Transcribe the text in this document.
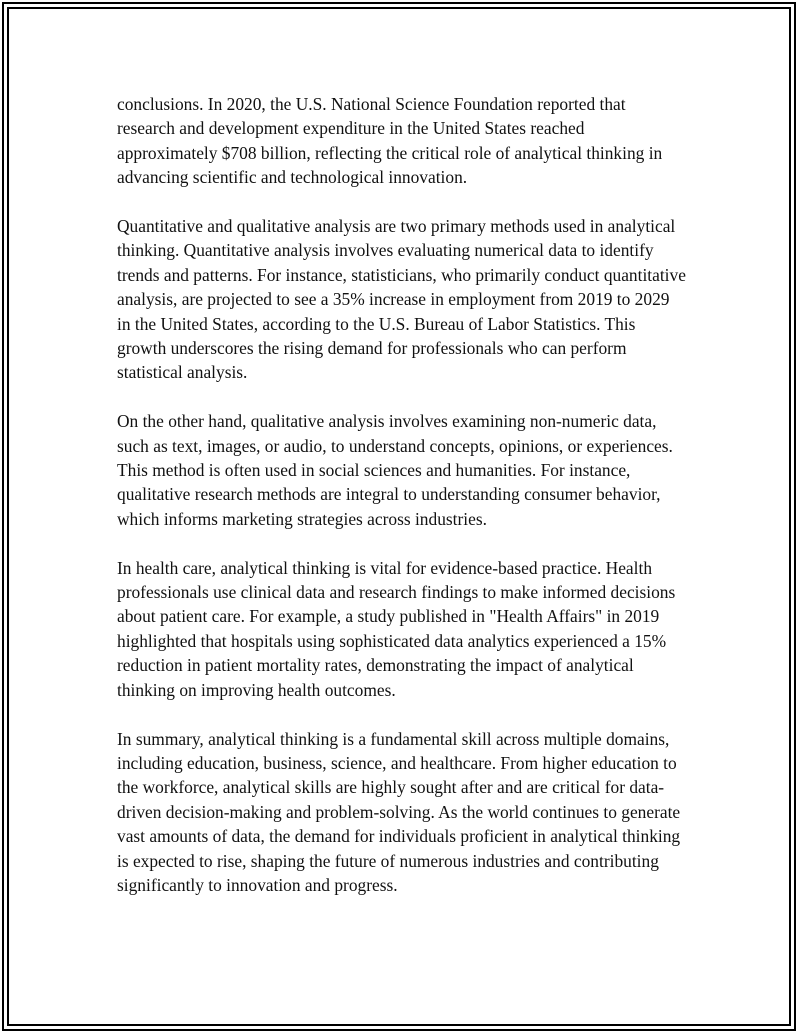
conclusions. In 2020, the U.S. National Science Foundation reported that research and development expenditure in the United States reached approximately $708 billion, reflecting the critical role of analytical thinking in advancing scientific and technological innovation.

Quantitative and qualitative analysis are two primary methods used in analytical thinking. Quantitative analysis involves evaluating numerical data to identify trends and patterns. For instance, statisticians, who primarily conduct quantitative analysis, are projected to see a 35% increase in employment from 2019 to 2029 in the United States, according to the U.S. Bureau of Labor Statistics. This growth underscores the rising demand for professionals who can perform statistical analysis.

On the other hand, qualitative analysis involves examining non-numeric data, such as text, images, or audio, to understand concepts, opinions, or experiences. This method is often used in social sciences and humanities. For instance, qualitative research methods are integral to understanding consumer behavior, which informs marketing strategies across industries.

In health care, analytical thinking is vital for evidence-based practice. Health professionals use clinical data and research findings to make informed decisions about patient care. For example, a study published in "Health Affairs" in 2019 highlighted that hospitals using sophisticated data analytics experienced a 15% reduction in patient mortality rates, demonstrating the impact of analytical thinking on improving health outcomes.

In summary, analytical thinking is a fundamental skill across multiple domains, including education, business, science, and healthcare. From higher education to the workforce, analytical skills are highly sought after and are critical for data-driven decision-making and problem-solving. As the world continues to generate vast amounts of data, the demand for individuals proficient in analytical thinking is expected to rise, shaping the future of numerous industries and contributing significantly to innovation and progress.
